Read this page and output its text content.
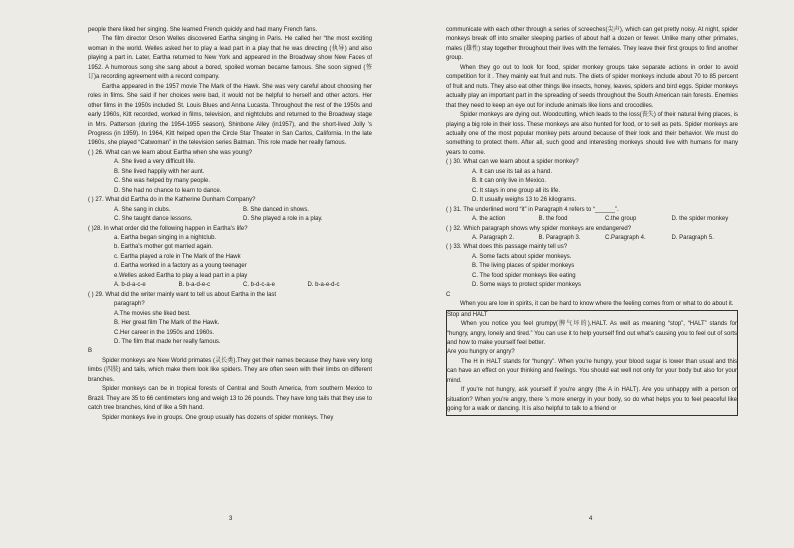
people there liked her singing. She learned French quickly and had many French fans.

The film director Orson Welles discovered Eartha singing in Paris. He called her “the most exciting woman in the world. Welles asked her to play a lead part in a play that he was directing (执导) and also playing a part in. Later, Eartha returned to New York and appeared in the Broadway show New Faces of 1952. A humorous song she sang about a bored, spoiled woman became famous. She soon signed (签订)a recording agreement with a record company.

Eartha appeared in the 1957 movie The Mark of the Hawk. She was very careful about choosing her roles in films. She said if her choices were bad, it would not be helpful to herself and other actors. Her other films in the 1950s included St. Louis Blues and Anna Lucasta. Throughout the rest of the 1950s and early 1960s, Kitt recorded, worked in films, television, and nightclubs and returned to the Broadway stage in Mrs. Patterson (during the 1954-1955 season), Shinbone Alley (in1957), and the short-lived Jolly 's Progress (in 1959). In 1964, Kitt helped open the Circle Star Theater in San Carlos, California. In the late 1960s, she played “Catwoman” in the television series Batman. This role made her really famous.

( ) 26. What can we learn about Eartha when she was young?

A. She lived a very difficult life.

B. She lived happily with her aunt.

C. She was helped by many people.

D. She had no chance to learn to dance.

( ) 27. What did Eartha do in the Katherine Dunham Company?

A. She sang in clubs.	B. She danced in shows.
C. She taught dance lessons.	D. She played a role in a play.

( )28. In what order did the following happen in Eartha's life?

a. Eartha began singing in a nightclub.

b. Eartha's mother got married again.

c. Eartha played a role in The Mark of the Hawk

d. Eartha worked in a factory as a young teenager

e.Welles asked Eartha to play a lead part in a play

A. b-d-a-c-e	B. b-a-d-e-c	C. b-d-c-a-e	D. b-a-e-d-c

( ) 29. What did the writer mainly want to tell us about Eartha in the last

paragraph?

A.The movies she liked best.

B. Her great film The Mark of the Hawk.

C.Her career in the 1950s and 1960s.

D. The film that made her really famous.

B

Spider monkeys are New World primates (灵长类).They get their names because they have very long limbs (四肢) and tails, which make them look like spiders. They are often seen with their limbs on different branches.

Spider monkeys can be in tropical forests of Central and South America, from southern Mexico to Brazil. They are 35 to 66 centimeters long and weigh 13 to 26 pounds. They have long tails that they use to catch tree branches, kind of like a 5th hand.

Spider monkeys live in groups. One group usually has dozens of spider monkeys. They

communicate with each other through a series of screeches(尖声), which can get pretty noisy. At night, spider monkeys break off into smaller sleeping parties of about half a dozen or fewer. Unlike many other primates, males (雄性) stay together throughout their lives with the females. They leave their first groups to find another group.

When they go out to look for food, spider monkey groups take separate actions in order to avoid competition for it . They mainly eat fruit and nuts. The diets of spider monkeys include about 70 to 85 percent of fruit and nuts. They also eat other things like insects, honey, leaves, spiders and bird eggs. Spider monkeys actually play an important part in the spreading of seeds throughout the South American rain forests. Enemies that they need to keep an eye out for include animals like lions and crocodiles.

Spider monkeys are dying out. Woodcutting, which leads to the loss(丧失) of their natural living places, is playing a big role in their loss. These monkeys are also hunted for food, or to sell as pets. Spider monkeys are actually one of the most popular monkey pets around because of their look and their behavior. We must do something to protect them. After all, such good and interesting monkeys should live with humans for many years to come.

( ) 30. What can we learn about a spider monkey?

A. It can use its tail as a hand.

B. It can only live in Mexico.

C. It stays in one group all its life.

D. It usually weighs 13 to 26 kilograms.

( ) 31. The underlined word “it” in Paragraph 4 refers to “______”.

A. the action	B. the food	C.the group	D. the spider monkey

( ) 32. Which paragraph shows why spider monkeys are endangered?

A. Paragraph 2.	B. Paragraph 3.	C.Paragraph 4.	D. Paragraph 5.

( ) 33. What does this passage mainly tell us?

A. Some facts about spider monkeys.

B. The living places of spider monkeys

C. The food spider monkeys like eating

D. Some ways to protect spider monkeys

C

When you are low in spirits, it can be hard to know where the feeling comes from or what to do about it.

Stop and HALT

When you notice you feel grumpy(脾气坏的),HALT. As well as meaning “stop”, “HALT” stands for “hungry, angry, lonely and tired.” You can use it to help yourself find out what's causing you to feel out of sorts and how to make yourself feel better.

Are you hungry or angry?

The H in HALT stands for “hungry”. When you're hungry, your blood sugar is lower than usual and this can have an effect on your thinking and feelings. You should eat well not only for your body but also for your mind.

If you're not hungry, ask yourself if you're angry (the A in HALT). Are you unhappy with a person or situation? When you're angry, there 's more energy in your body, so do what helps you to feel peaceful like going for a walk or dancing. It is also helpful to talk to a friend or

3	4
